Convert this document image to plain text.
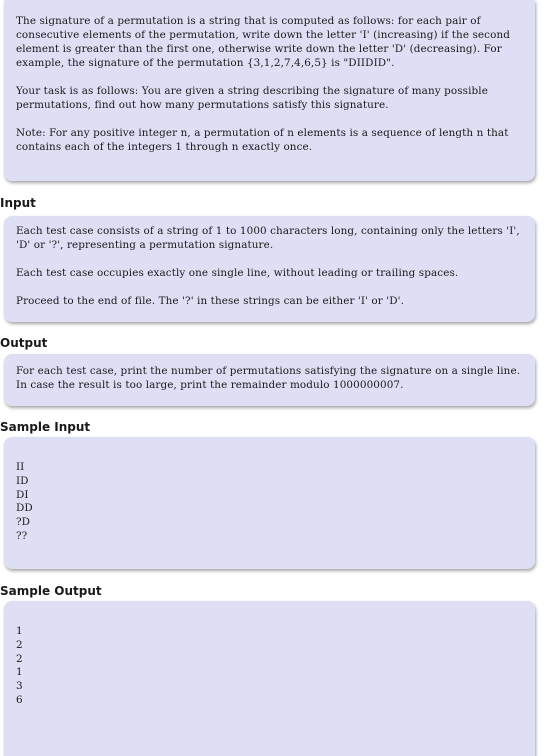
The signature of a permutation is a string that is computed as follows: for each pair of consecutive elements of the permutation, write down the letter 'I' (increasing) if the second element is greater than the first one, otherwise write down the letter 'D' (decreasing). For example, the signature of the permutation {3,1,2,7,4,6,5} is "DIIDID".

Your task is as follows: You are given a string describing the signature of many possible permutations, find out how many permutations satisfy this signature.

Note: For any positive integer n, a permutation of n elements is a sequence of length n that contains each of the integers 1 through n exactly once.

Input

Each test case consists of a string of 1 to 1000 characters long, containing only the letters 'I', 'D' or '?', representing a permutation signature.

Each test case occupies exactly one single line, without leading or trailing spaces.

Proceed to the end of file. The '?' in these strings can be either 'I' or 'D'.

Output

For each test case, print the number of permutations satisfying the signature on a single line. In case the result is too large, print the remainder modulo 1000000007.

Sample Input
II
ID
DI
DD
?D
??
Sample Output
1
2
2
1
3
6
